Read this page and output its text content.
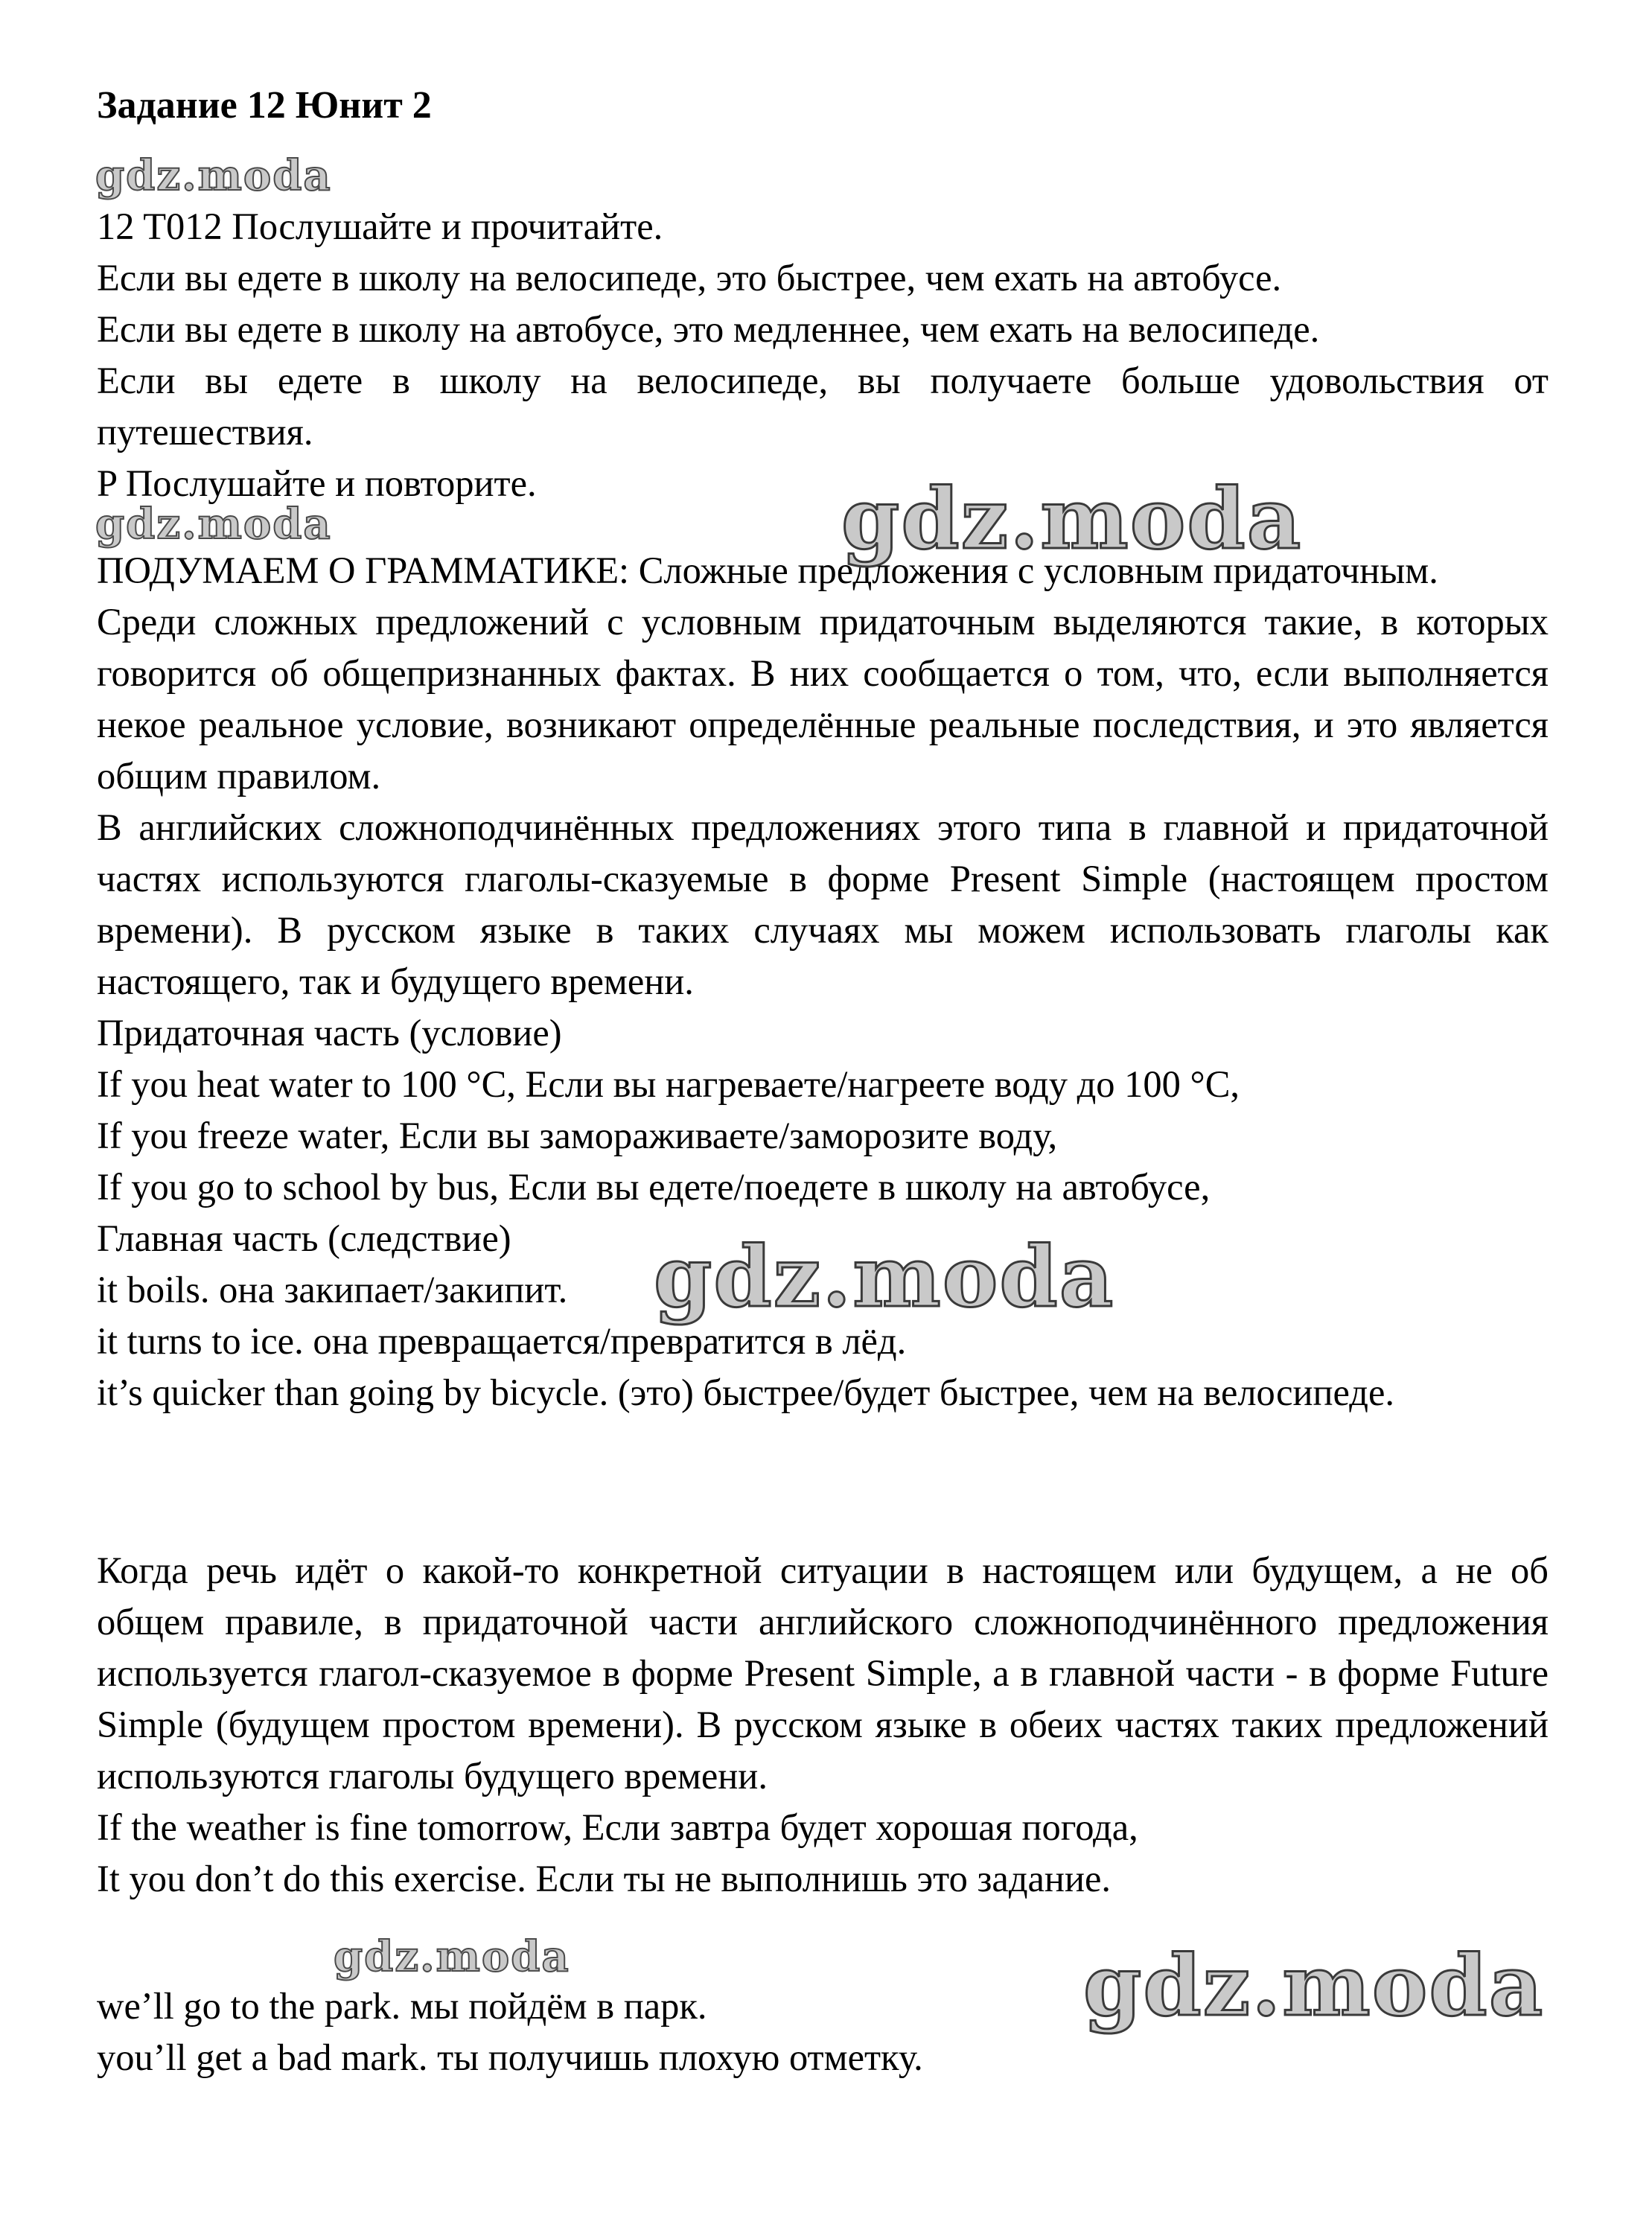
Задание 12 Юнит 2

12 T012 Послушайте и прочитайте.

Если вы едете в школу на велосипеде, это быстрее, чем ехать на автобусе.

Если вы едете в школу на автобусе, это медленнее, чем ехать на велосипеде.

Если вы едете в школу на велосипеде, вы получаете больше удовольствия от путешествия.

P Послушайте и повторите.

ПОДУМАЕМ О ГРАММАТИКЕ: Сложные предложения с условным придаточным.

Среди сложных предложений с условным придаточным выделяются такие, в которых говорится об общепризнанных фактах. В них сообщается о том, что, если выполняется некое реальное условие, возникают определённые реальные последствия, и это является общим правилом.

В английских сложноподчинённых предложениях этого типа в главной и придаточной частях используются глаголы-сказуемые в форме Present Simple (настоящем простом времени). В русском языке в таких случаях мы можем использовать глаголы как настоящего, так и будущего времени.

Придаточная часть (условие)

If you heat water to 100 °C, Если вы нагреваете/нагреете воду до 100 °C,

If you freeze water, Если вы замораживаете/заморозите воду,

If you go to school by bus, Если вы едете/поедете в школу на автобусе,

Главная часть (следствие)

it boils. она закипает/закипит.

it turns to ice. она превращается/превратится в лёд.

it’s quicker than going by bicycle. (это) быстрее/будет быстрее, чем на велосипеде.

Когда речь идёт о какой-то конкретной ситуации в настоящем или будущем, а не об общем правиле, в придаточной части английского сложноподчинённого предложения используется глагол-сказуемое в форме Present Simple, а в главной части - в форме Future Simple (будущем простом времени). В русском языке в обеих частях таких предложений используются глаголы будущего времени.

If the weather is fine tomorrow, Если завтра будет хорошая погода,

It you don’t do this exercise. Если ты не выполнишь это задание.

we’ll go to the park. мы пойдём в парк.

you’ll get a bad mark. ты получишь плохую отметку.

gdz.moda
gdz.moda	gdz.moda
gdz.moda
gdz.moda	gdz.moda
